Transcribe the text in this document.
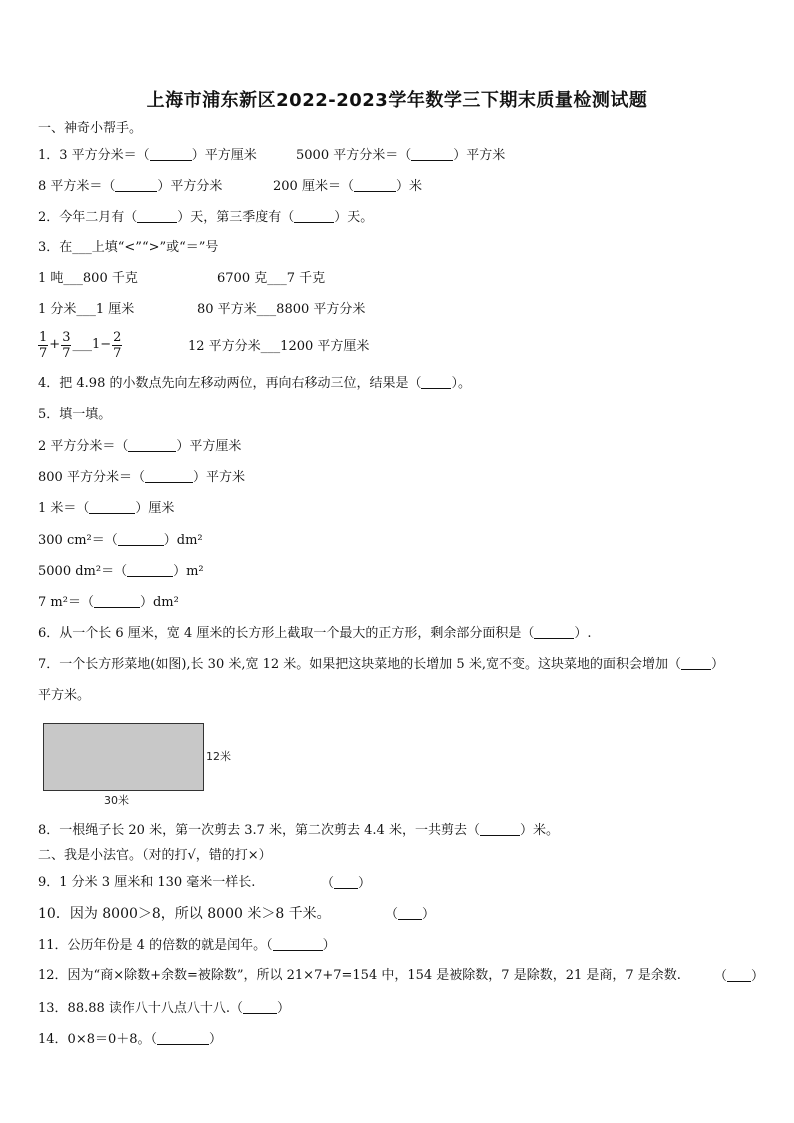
上海市浦东新区2022-2023学年数学三下期末质量检测试题
一、神奇小帮手。
1．3 平方分米＝（	）平方厘米	5000 平方分米＝（	）平方米
8 平方米＝（	）平方分米	200 厘米＝（	）米
2．今年二月有（	）天，第三季度有（	）天。
3．在___上填“<”“>”或“＝”号
1 吨___800 千克	6700 克___7 千克
1 分米___1 厘米	80 平方米___8800 平方分米
$\frac{1}{7} + \frac{3}{7}$ ___1− $\frac{2}{7}$	12 平方分米___1200 平方厘米
4．把 4.98 的小数点先向左移动两位，再向右移动三位，结果是（ ）。
5．填一填。
2 平方分米＝（	）平方厘米
800 平方分米＝（	）平方米
1 米＝（	）厘米
300 cm²＝（	）dm²
5000 dm²＝（	）m²
7 m²＝（	）dm²
6．从一个长 6 厘米，宽 4 厘米的长方形上截取一个最大的正方形，剩余部分面积是（	）.
7．一个长方形菜地(如图),长 30 米,宽 12 米。如果把这块菜地的长增加 5 米,宽不变。这块菜地的面积会增加（ ）
平方米。
12米
30米
8．一根绳子长 20 米，第一次剪去 3.7 米，第二次剪去 4.4 米，一共剪去（	）米。
二、我是小法官。（对的打√，错的打×）
9．1 分米 3 厘米和 130 毫米一样长.	（ ）
10．因为 8000＞8，所以 8000 米＞8 千米。	（ ）
11．公历年份是 4 的倍数的就是闰年。（	）
12．因为“商×除数+余数=被除数”，所以 21×7+7=154 中，154 是被除数，7 是除数，21 是商，7 是余数.	（ ）
13．88.88 读作八十八点八十八.（	）
14．0×8＝0＋8。（	）
